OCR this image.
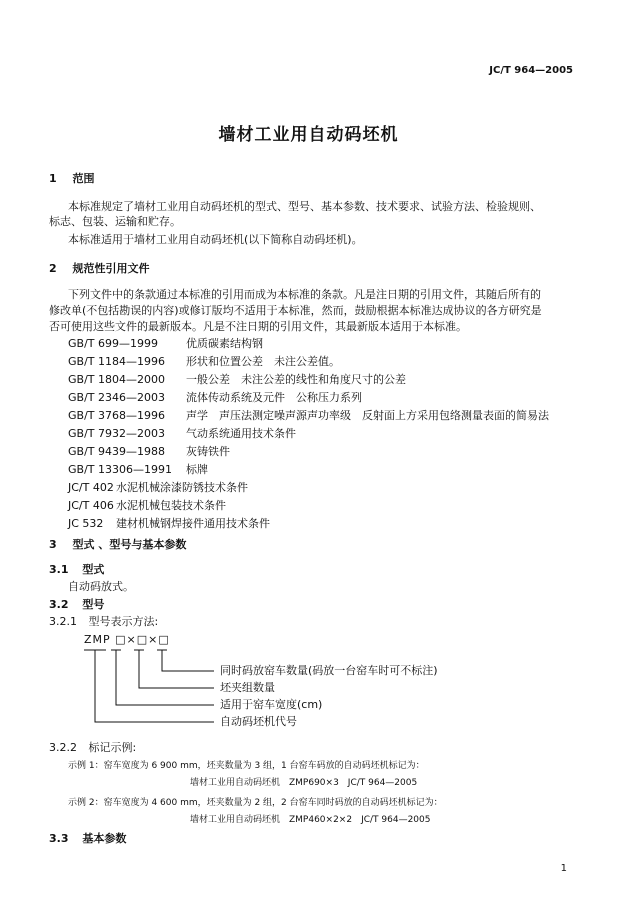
JC/T 964—2005
墙材工业用自动码坯机
1 范围
本标准规定了墙材工业用自动码坯机的型式、型号、基本参数、技术要求、试验方法、检验规则、
标志、包装、运输和贮存。
本标准适用于墙材工业用自动码坯机(以下简称自动码坯机)。
2 规范性引用文件
下列文件中的条款通过本标准的引用而成为本标准的条款。凡是注日期的引用文件，其随后所有的
修改单(不包括勘误的内容)或修订版均不适用于本标准，然而，鼓励根据本标准达成协议的各方研究是
否可使用这些文件的最新版本。凡是不注日期的引用文件，其最新版本适用于本标准。
GB/T 699—1999	优质碳素结构钢
GB/T 1184—1996 形状和位置公差　未注公差值。
GB/T 1804—2000 一般公差　未注公差的线性和角度尺寸的公差
GB/T 2346—2003 流体传动系统及元件　公称压力系列
GB/T 3768—1996 声学　声压法测定噪声源声功率级　反射面上方采用包络测量表面的简易法
GB/T 7932—2003 气动系统通用技术条件
GB/T 9439—1988 灰铸铁件
GB/T 13306—1991 标牌
JC/T 402 水泥机械涂漆防锈技术条件
JC/T 406 水泥机械包装技术条件
JC 532 建材机械钢焊接件通用技术条件
3 型式 、型号与基本参数
3.1 型式
自动码放式。
3.2 型号
3.2.1 型号表示方法:
ZMP □×□×□
同时码放窑车数量(码放一台窑车时可不标注)
坯夹组数量
适用于窑车宽度(cm)
自动码坯机代号
3.2.2 标记示例:
示例 1：窑车宽度为 6 900 mm，坯夹数量为 3 组，1 台窑车码放的自动码坯机标记为：
墙材工业用自动码坯机　ZMP690×3　JC/T 964—2005
示例 2：窑车宽度为 4 600 mm，坯夹数量为 2 组，2 台窑车同时码放的自动码坯机标记为：
墙材工业用自动码坯机　ZMP460×2×2　JC/T 964—2005
3.3 基本参数
1
